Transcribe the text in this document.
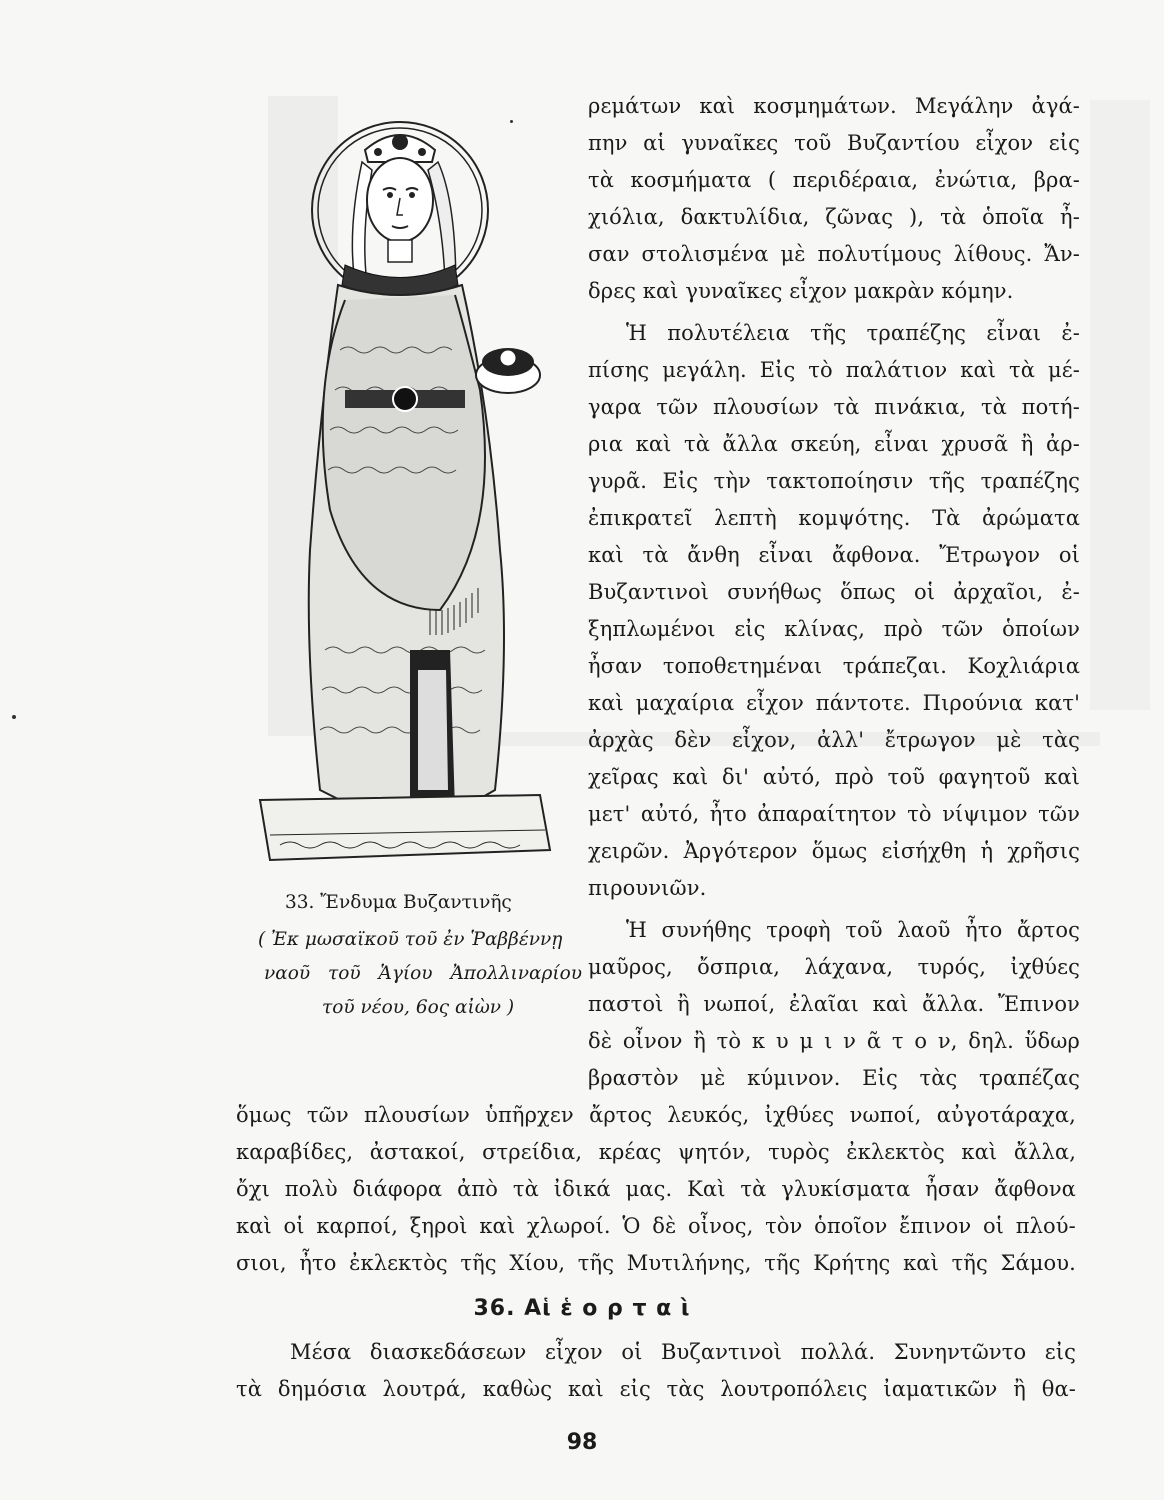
33. Ἔνδυμα Βυζαντινῆς
( Ἐκ μωσαϊκοῦ τοῦ ἐν Ῥαββέννῃ
ναοῦ τοῦ Ἁγίου Ἀπολλιναρίου
τοῦ νέου, 6ος αἰὼν )
ρεμάτων καὶ κοσμημάτων. Μεγάλην ἀγά-
πην αἱ γυναῖκες τοῦ Βυζαντίου εἶχον εἰς
τὰ κοσμήματα ( περιδέραια, ἐνώτια, βρα-
χιόλια, δακτυλίδια, ζῶνας ), τὰ ὁποῖα ἦ-
σαν στολισμένα μὲ πολυτίμους λίθους. Ἄν-
δρες καὶ γυναῖκες εἶχον μακρὰν κόμην.
Ἡ πολυτέλεια τῆς τραπέζης εἶναι ἐ-
πίσης μεγάλη. Εἰς τὸ παλάτιον καὶ τὰ μέ-
γαρα τῶν πλουσίων τὰ πινάκια, τὰ ποτή-
ρια καὶ τὰ ἄλλα σκεύη, εἶναι χρυσᾶ ἢ ἀρ-
γυρᾶ. Εἰς τὴν τακτοποίησιν τῆς τραπέζης
ἐπικρατεῖ λεπτὴ κομψότης. Τὰ ἀρώματα
καὶ τὰ ἄνθη εἶναι ἄφθονα. Ἔτρωγον οἱ
Βυζαντινοὶ συνήθως ὅπως οἱ ἀρχαῖοι, ἐ-
ξηπλωμένοι εἰς κλίνας, πρὸ τῶν ὁποίων
ἦσαν τοποθετημέναι τράπεζαι. Κοχλιάρια
καὶ μαχαίρια εἶχον πάντοτε. Πιρούνια κατ'
ἀρχὰς δὲν εἶχον, ἀλλ' ἔτρωγον μὲ τὰς
χεῖρας καὶ δι' αὐτό, πρὸ τοῦ φαγητοῦ καὶ
μετ' αὐτό, ἦτο ἀπαραίτητον τὸ νίψιμον τῶν
χειρῶν. Ἀργότερον ὅμως εἰσήχθη ἡ χρῆσις
πιρουνιῶν.
Ἡ συνήθης τροφὴ τοῦ λαοῦ ἦτο ἄρτος
μαῦρος, ὄσπρια, λάχανα, τυρός, ἰχθύες
παστοὶ ἢ νωποί, ἐλαῖαι καὶ ἄλλα. Ἔπινον
δὲ οἶνον ἢ τὸ κ υ μ ι ν ᾶ τ ο ν, δηλ. ὕδωρ
βραστὸν μὲ κύμινον. Εἰς τὰς τραπέζας
ὅμως τῶν πλουσίων ὑπῆρχεν ἄρτος λευκός, ἰχθύες νωποί, αὐγοτάραχα,
καραβίδες, ἀστακοί, στρείδια, κρέας ψητόν, τυρὸς ἐκλεκτὸς καὶ ἄλλα,
ὄχι πολὺ διάφορα ἀπὸ τὰ ἰδικά μας. Καὶ τὰ γλυκίσματα ἦσαν ἄφθονα
καὶ οἱ καρποί, ξηροὶ καὶ χλωροί. Ὁ δὲ οἶνος, τὸν ὁποῖον ἔπινον οἱ πλού-
σιοι, ἦτο ἐκλεκτὸς τῆς Χίου, τῆς Μυτιλήνης, τῆς Κρήτης καὶ τῆς Σάμου.
36. Αἱ ἑ ο ρ τ α ὶ
Μέσα διασκεδάσεων εἶχον οἱ Βυζαντινοὶ πολλά. Συνηντῶντο εἰς
τὰ δημόσια λουτρά, καθὼς καὶ εἰς τὰς λουτροπόλεις ἰαματικῶν ἢ θα-
98
